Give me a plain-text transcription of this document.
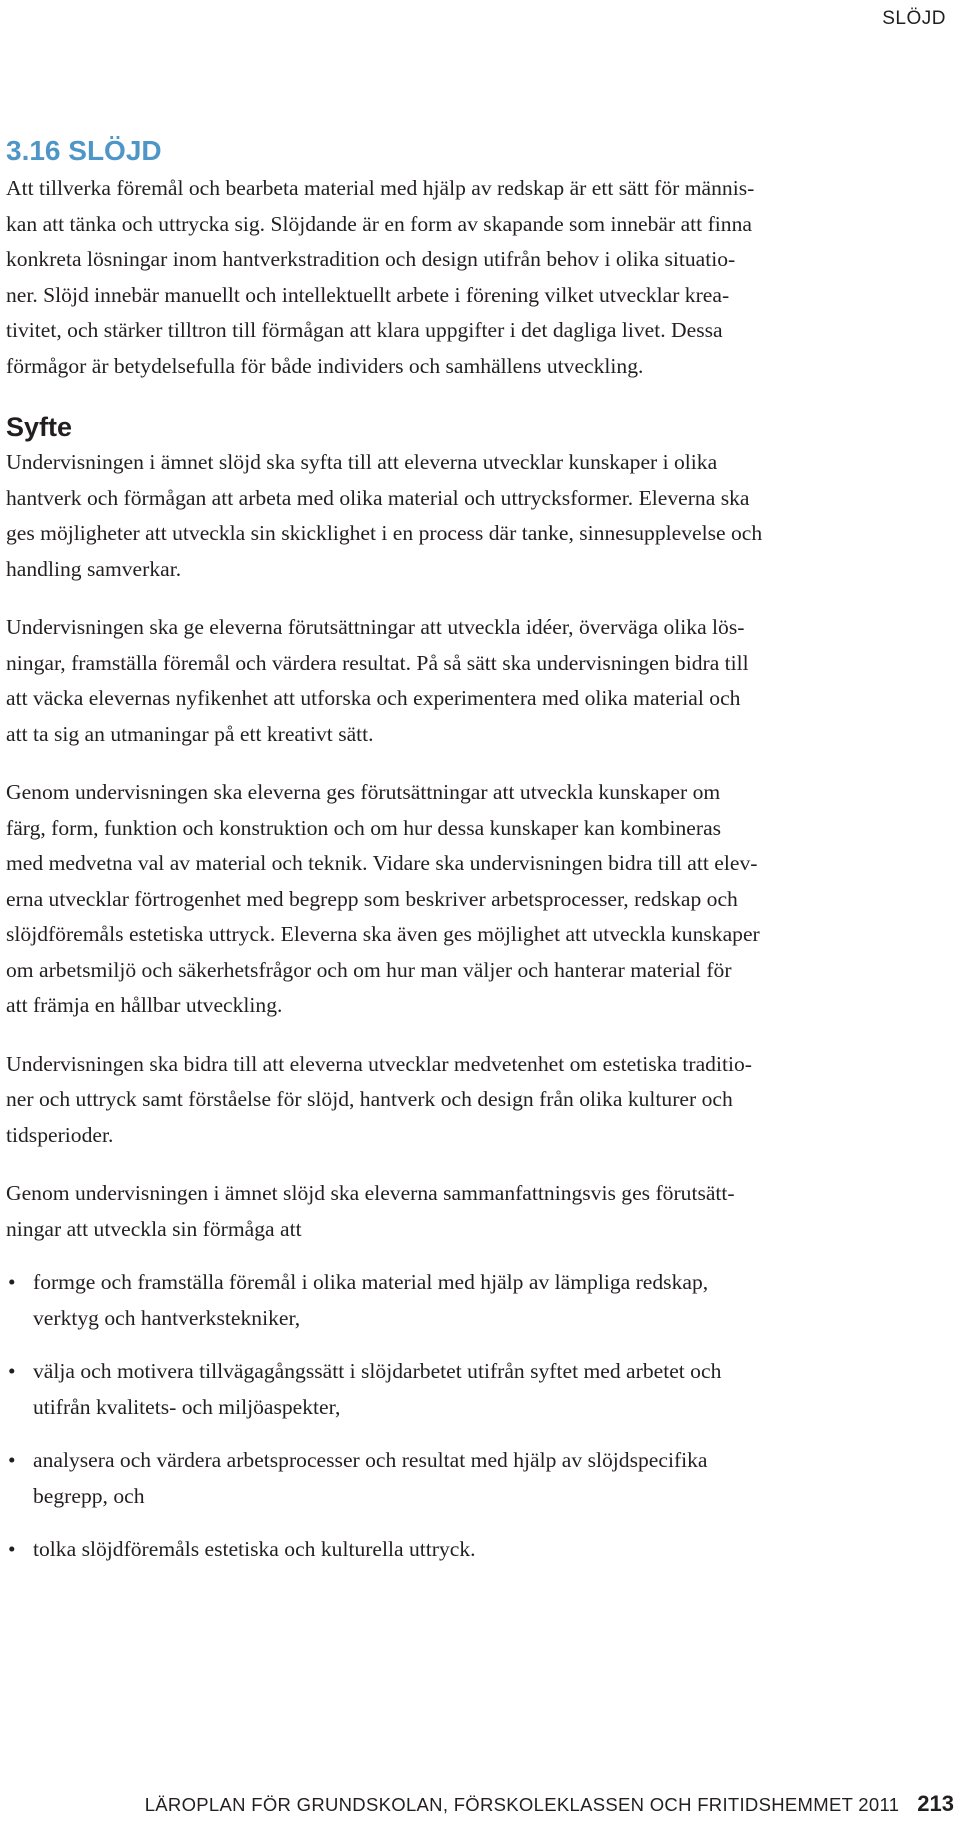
SLÖJD
3.16 SLÖJD

Att tillverka föremål och bearbeta material med hjälp av redskap är ett sätt för männis-
kan att tänka och uttrycka sig. Slöjdande är en form av skapande som innebär att finna
konkreta lösningar inom hantverkstradition och design utifrån behov i olika situatio-
ner. Slöjd innebär manuellt och intellektuellt arbete i förening vilket utvecklar krea-
tivitet, och stärker tilltron till förmågan att klara uppgifter i det dagliga livet. Dessa
förmågor är betydelsefulla för både individers och samhällens utveckling.

Syfte

Undervisningen i ämnet slöjd ska syfta till att eleverna utvecklar kunskaper i olika
hantverk och förmågan att arbeta med olika material och uttrycksformer. Eleverna ska
ges möjligheter att utveckla sin skicklighet i en process där tanke, sinnesupplevelse och
handling samverkar.

Undervisningen ska ge eleverna förutsättningar att utveckla idéer, överväga olika lös-
ningar, framställa föremål och värdera resultat. På så sätt ska undervisningen bidra till
att väcka elevernas nyfikenhet att utforska och experimentera med olika material och
att ta sig an utmaningar på ett kreativt sätt.

Genom undervisningen ska eleverna ges förutsättningar att utveckla kunskaper om
färg, form, funktion och konstruktion och om hur dessa kunskaper kan kombineras
med medvetna val av material och teknik. Vidare ska undervisningen bidra till att elev-
erna utvecklar förtrogenhet med begrepp som beskriver arbetsprocesser, redskap och
slöjdföremåls estetiska uttryck. Eleverna ska även ges möjlighet att utveckla kunskaper
om arbetsmiljö och säkerhetsfrågor och om hur man väljer och hanterar material för
att främja en hållbar utveckling.

Undervisningen ska bidra till att eleverna utvecklar medvetenhet om estetiska traditio-
ner och uttryck samt förståelse för slöjd, hantverk och design från olika kulturer och
tidsperioder.

Genom undervisningen i ämnet slöjd ska eleverna sammanfattningsvis ges förutsätt-
ningar att utveckla sin förmåga att

• formge och framställa föremål i olika material med hjälp av lämpliga redskap,
verktyg och hantverkstekniker,
• välja och motivera tillvägagångssätt i slöjdarbetet utifrån syftet med arbetet och
utifrån kvalitets- och miljöaspekter,
• analysera och värdera arbetsprocesser och resultat med hjälp av slöjdspecifika
begrepp, och
• tolka slöjdföremåls estetiska och kulturella uttryck.
LÄROPLAN FÖR GRUNDSKOLAN, FÖRSKOLEKLASSEN OCH FRITIDSHEMMET 2011 213
